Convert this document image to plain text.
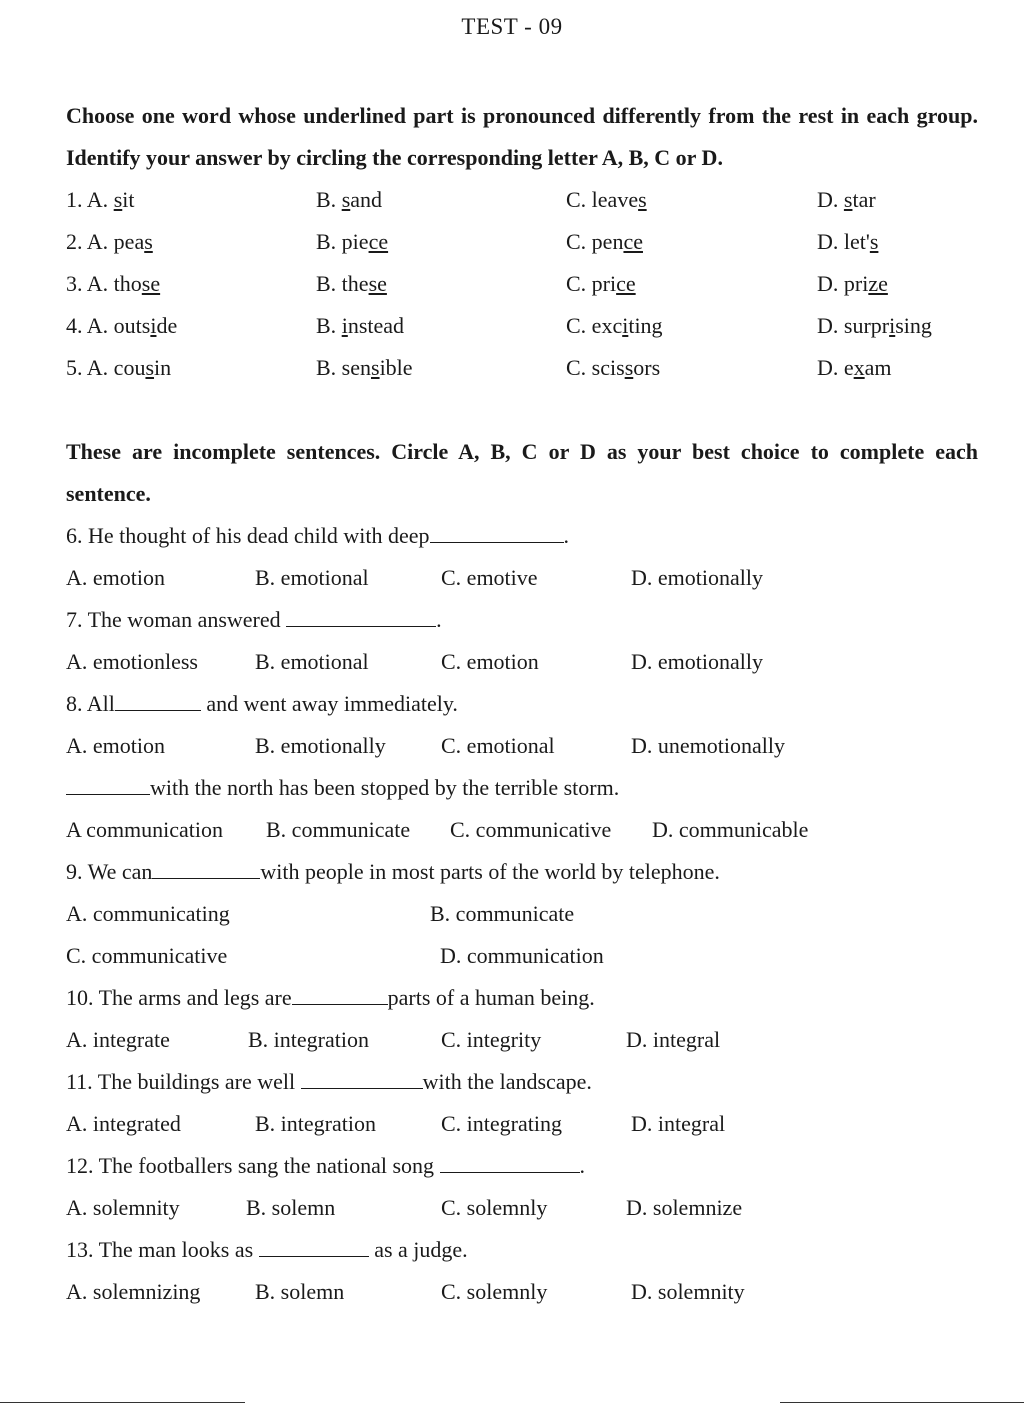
TEST - 09
Choose one word whose underlined part is pronounced differently from the rest in each group. Identify your answer by circling the corresponding letter A, B, C or D.
1. A. sit	B. sand	C. leaves	D. star
2. A. peas	B. piece	C. pence	D. let's
3. A. those	B. these	C. price	D. prize
4. A. outside	B. instead	C. exciting	D. surprising
5. A. cousin	B. sensible	C. scissors	D. exam
These are incomplete sentences. Circle A, B, C or D as your best choice to complete each sentence.
6. He thought of his dead child with deep	.
A. emotion	B. emotional	C. emotive	D. emotionally
7. The woman answered	.
A. emotionless	B. emotional	C. emotion	D. emotionally
8. All	and went away immediately.
A. emotion	B. emotionally	C. emotional	D. unemotionally
with the north has been stopped by the terrible storm.
A communication B. communicate C. communicative D. communicable
9. We can	with people in most parts of the world by telephone.
A. communicating	B. communicate
C. communicative	D. communication
10. The arms and legs are	parts of a human being.
A. integrate	B. integration	C. integrity	D. integral
11. The buildings are well	with the landscape.
A. integrated	B. integration	C. integrating	D. integral
12. The footballers sang the national song	.
A. solemnity	B. solemn	C. solemnly	D. solemnize
13. The man looks as	as a judge.
A. solemnizing B. solemn	C. solemnly	D. solemnity
